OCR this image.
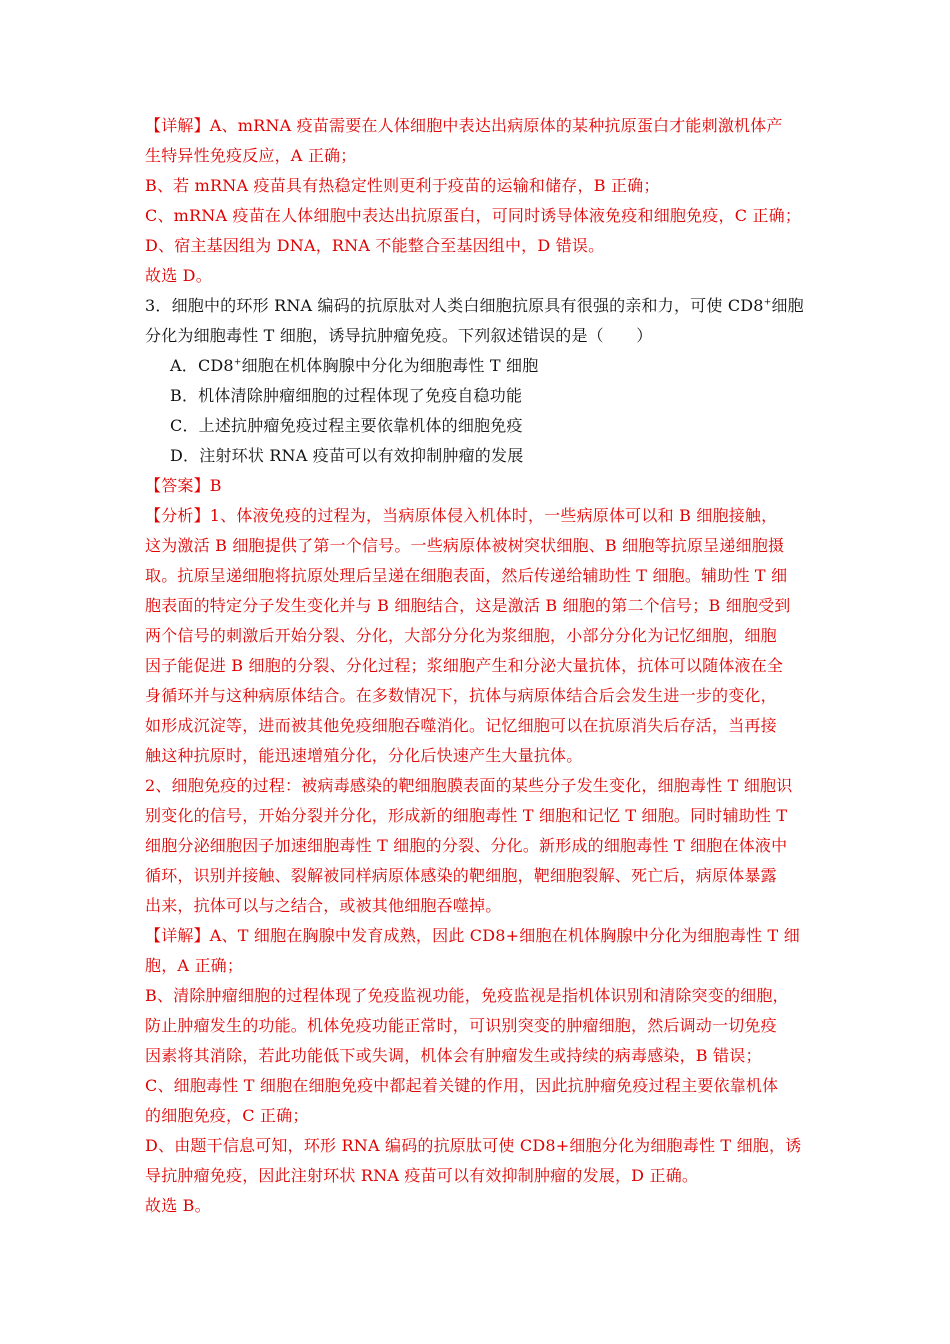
【详解】A、mRNA 疫苗需要在人体细胞中表达出病原体的某种抗原蛋白才能刺激机体产
生特异性免疫反应，A 正确；
B、若 mRNA 疫苗具有热稳定性则更利于疫苗的运输和储存，B 正确；
C、mRNA 疫苗在人体细胞中表达出抗原蛋白，可同时诱导体液免疫和细胞免疫，C 正确；
D、宿主基因组为 DNA，RNA 不能整合至基因组中，D 错误。
故选 D。
3．细胞中的环形 RNA 编码的抗原肽对人类白细胞抗原具有很强的亲和力，可使 CD8+细胞
分化为细胞毒性 T 细胞，诱导抗肿瘤免疫。下列叙述错误的是（　　）
A．CD8+细胞在机体胸腺中分化为细胞毒性 T 细胞
B．机体清除肿瘤细胞的过程体现了免疫自稳功能
C．上述抗肿瘤免疫过程主要依靠机体的细胞免疫
D．注射环状 RNA 疫苗可以有效抑制肿瘤的发展
【答案】B
【分析】1、体液免疫的过程为，当病原体侵入机体时，一些病原体可以和 B 细胞接触，
这为激活 B 细胞提供了第一个信号。一些病原体被树突状细胞、B 细胞等抗原呈递细胞摄
取。抗原呈递细胞将抗原处理后呈递在细胞表面，然后传递给辅助性 T 细胞。辅助性 T 细
胞表面的特定分子发生变化并与 B 细胞结合，这是激活 B 细胞的第二个信号；B 细胞受到
两个信号的刺激后开始分裂、分化，大部分分化为浆细胞，小部分分化为记忆细胞，细胞
因子能促进 B 细胞的分裂、分化过程；浆细胞产生和分泌大量抗体，抗体可以随体液在全
身循环并与这种病原体结合。在多数情况下，抗体与病原体结合后会发生进一步的变化，
如形成沉淀等，进而被其他免疫细胞吞噬消化。记忆细胞可以在抗原消失后存活，当再接
触这种抗原时，能迅速增殖分化，分化后快速产生大量抗体。
2、细胞免疫的过程：被病毒感染的靶细胞膜表面的某些分子发生变化，细胞毒性 T 细胞识
别变化的信号，开始分裂并分化，形成新的细胞毒性 T 细胞和记忆 T 细胞。同时辅助性 T
细胞分泌细胞因子加速细胞毒性 T 细胞的分裂、分化。新形成的细胞毒性 T 细胞在体液中
循环，识别并接触、裂解被同样病原体感染的靶细胞，靶细胞裂解、死亡后，病原体暴露
出来，抗体可以与之结合，或被其他细胞吞噬掉。
【详解】A、T 细胞在胸腺中发育成熟，因此 CD8+细胞在机体胸腺中分化为细胞毒性 T 细
胞，A 正确；
B、清除肿瘤细胞的过程体现了免疫监视功能，免疫监视是指机体识别和清除突变的细胞，
防止肿瘤发生的功能。机体免疫功能正常时，可识别突变的肿瘤细胞，然后调动一切免疫
因素将其消除，若此功能低下或失调，机体会有肿瘤发生或持续的病毒感染，B 错误；
C、细胞毒性 T 细胞在细胞免疫中都起着关键的作用，因此抗肿瘤免疫过程主要依靠机体
的细胞免疫，C 正确；
D、由题干信息可知，环形 RNA 编码的抗原肽可使 CD8+细胞分化为细胞毒性 T 细胞，诱
导抗肿瘤免疫，因此注射环状 RNA 疫苗可以有效抑制肿瘤的发展，D 正确。
故选 B。
